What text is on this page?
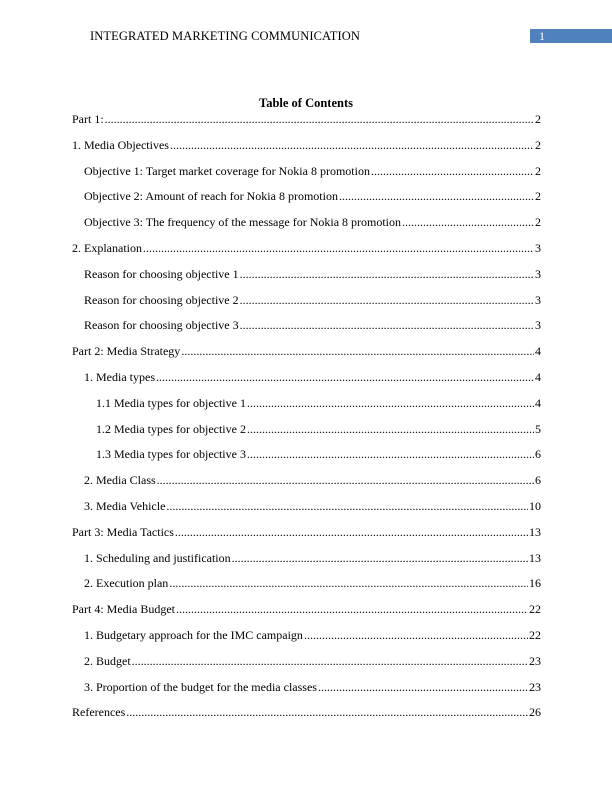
INTEGRATED MARKETING COMMUNICATION	1
Table of Contents
Part 1: .....	2
1. Media Objectives .....	2
Objective 1: Target market coverage for Nokia 8 promotion .....	2
Objective 2: Amount of reach for Nokia 8 promotion .....	2
Objective 3: The frequency of the message for Nokia 8 promotion .....	2
2. Explanation .....	3
Reason for choosing objective 1 .....	3
Reason for choosing objective 2 .....	3
Reason for choosing objective 3 .....	3
Part 2: Media Strategy .....	4
1. Media types .....	4
1.1 Media types for objective 1 .....	4
1.2 Media types for objective 2 .....	5
1.3 Media types for objective 3 .....	6
2. Media Class .....	6
3. Media Vehicle .....	10
Part 3: Media Tactics .....	13
1. Scheduling and justification .....	13
2. Execution plan .....	16
Part 4: Media Budget .....	22
1. Budgetary approach for the IMC campaign .....	22
2. Budget .....	23
3. Proportion of the budget for the media classes .....	23
References .....	26
